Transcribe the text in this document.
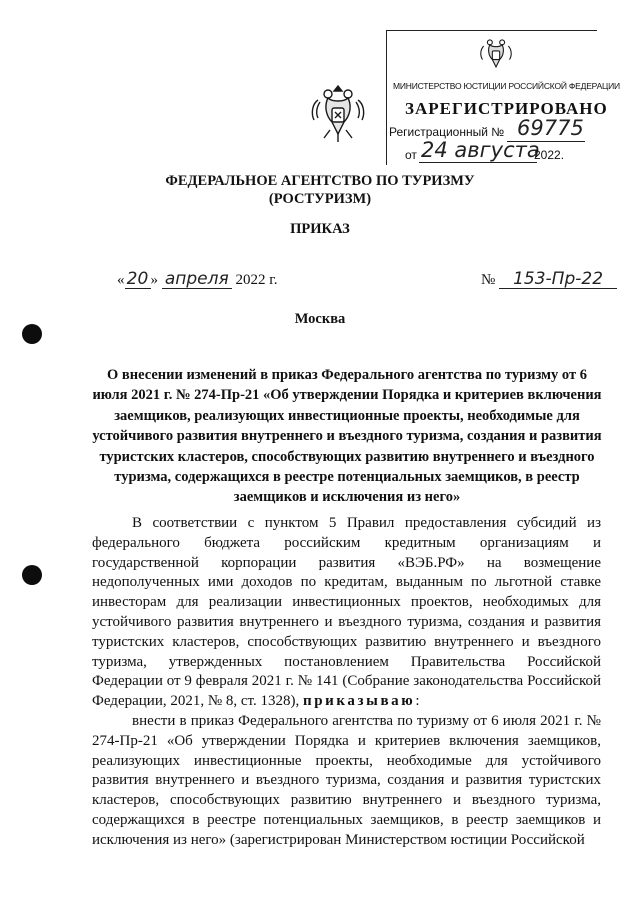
МИНИСТЕРСТВО ЮСТИЦИИ РОССИЙСКОЙ ФЕДЕРАЦИИ
ЗАРЕГИСТРИРОВАНО
Регистрационный № 69775
от 24 августа
2022.
ФЕДЕРАЛЬНОЕ АГЕНТСТВО ПО ТУРИЗМУ
(РОСТУРИЗМ)
ПРИКАЗ
« 20 » апреля 2022 г.	№ 153-Пр-22
Москва
О внесении изменений в приказ Федерального агентства по туризму от 6 июля 2021 г. № 274-Пр-21 «Об утверждении Порядка и критериев включения заемщиков, реализующих инвестиционные проекты, необходимые для устойчивого развития внутреннего и въездного туризма, создания и развития туристских кластеров, способствующих развитию внутреннего и въездного туризма, содержащихся в реестре потенциальных заемщиков, в реестр заемщиков и исключения из него»

В соответствии с пунктом 5 Правил предоставления субсидий из федерального бюджета российским кредитным организациям и государственной корпорации развития «ВЭБ.РФ» на возмещение недополученных ими доходов по кредитам, выданным по льготной ставке инвесторам для реализации инвестиционных проектов, необходимых для устойчивого развития внутреннего и въездного туризма, создания и развития туристских кластеров, способствующих развитию внутреннего и въездного туризма, утвержденных постановлением Правительства Российской Федерации от 9 февраля 2021 г. № 141 (Собрание законодательства Российской Федерации, 2021, № 8, ст. 1328), приказываю:

внести в приказ Федерального агентства по туризму от 6 июля 2021 г. № 274-Пр-21 «Об утверждении Порядка и критериев включения заемщиков, реализующих инвестиционные проекты, необходимые для устойчивого развития внутреннего и въездного туризма, создания и развития туристских кластеров, способствующих развитию внутреннего и въездного туризма, содержащихся в реестре потенциальных заемщиков, в реестр заемщиков и исключения из него» (зарегистрирован Министерством юстиции Российской
